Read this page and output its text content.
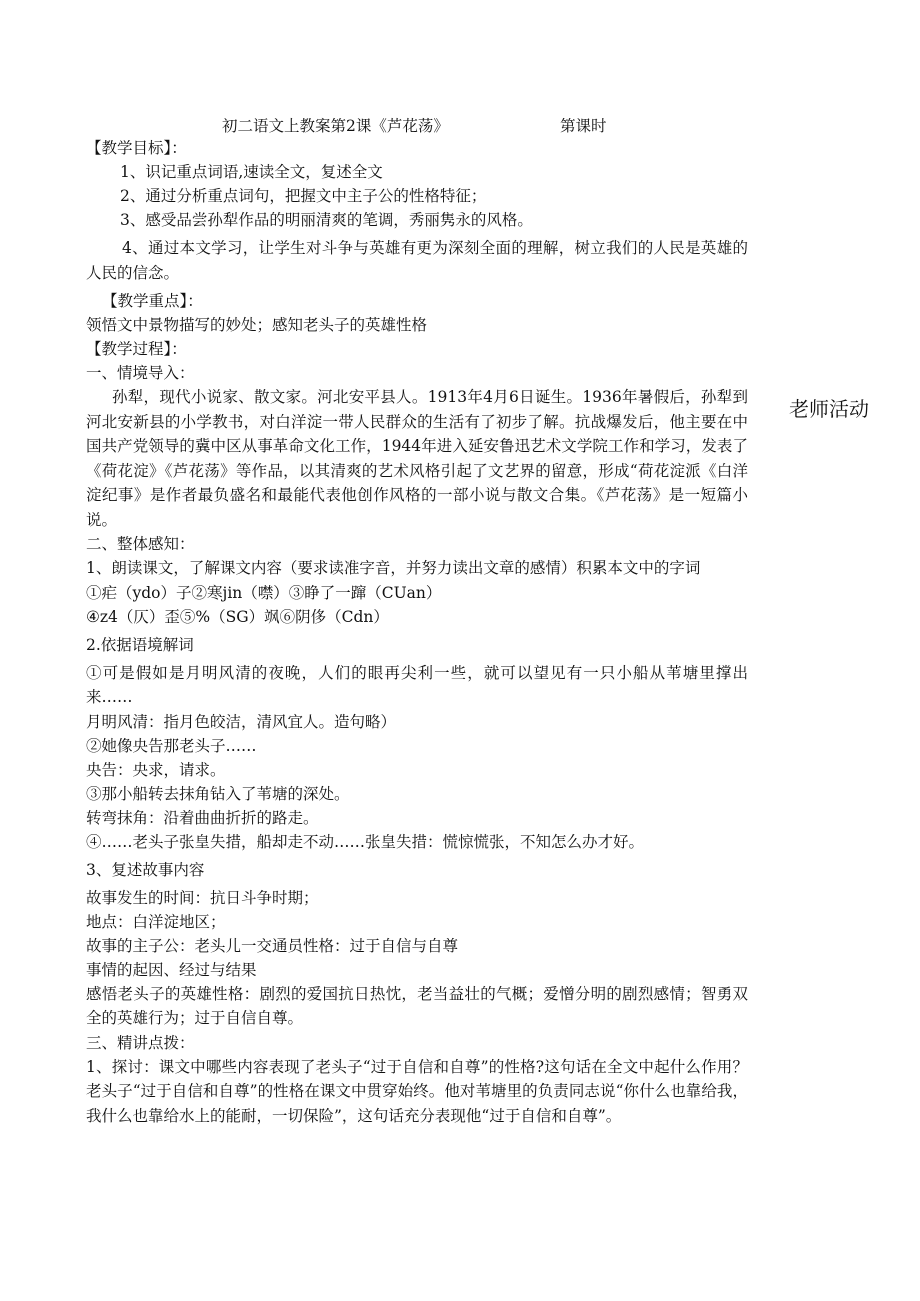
初二语文上教案第2课《芦花荡》	第课时
老师活动

【教学目标】：

1、识记重点词语,速读全文，复述全文

2、通过分析重点词句，把握文中主子公的性格特征；

3、感受品尝孙犁作品的明丽清爽的笔调，秀丽隽永的风格。

4、通过本文学习，让学生对斗争与英雄有更为深刻全面的理解，树立我们的人民是英雄的人民的信念。

【教学重点】：

领悟文中景物描写的妙处；感知老头子的英雄性格

【教学过程】：

一、情境导入：

孙犁，现代小说家、散文家。河北安平县人。1913年4月6日诞生。1936年暑假后，孙犁到河北安新县的小学教书，对白洋淀一带人民群众的生活有了初步了解。抗战爆发后，他主要在中国共产党领导的冀中区从事革命文化工作，1944年进入延安鲁迅艺术文学院工作和学习，发表了《荷花淀》《芦花荡》等作品，以其清爽的艺术风格引起了文艺界的留意，形成“荷花淀派《白洋淀纪事》是作者最负盛名和最能代表他创作风格的一部小说与散文合集。《芦花荡》是一短篇小说。

二、整体感知：

1、朗读课文，了解课文内容（要求读准字音，并努力读出文章的感情）积累本文中的字词

①疟（ydo）子②寒jin（噤）③睁了一蹿（CUan）

④z4（仄）歪⑤%（SG）飒⑥阴侈（Cdn）

2.依据语境解词

①可是假如是月明风清的夜晚，人们的眼再尖利一些，就可以望见有一只小船从苇塘里撑出来……

月明风清：指月色皎洁，清风宜人。造句略）

②她像央告那老头子……

央告：央求，请求。

③那小船转去抹角钻入了苇塘的深处。

转弯抹角：沿着曲曲折折的路走。

④……老头子张皇失措，船却走不动……张皇失措：慌惊慌张，不知怎么办才好。

3、复述故事内容

故事发生的时间：抗日斗争时期；

地点：白洋淀地区；

故事的主子公：老头儿一交通员性格：过于自信与自尊

事情的起因、经过与结果

感悟老头子的英雄性格：剧烈的爱国抗日热忱，老当益壮的气概；爱憎分明的剧烈感情；智勇双全的英雄行为；过于自信自尊。

三、精讲点拨：

1、探讨：课文中哪些内容表现了老头子“过于自信和自尊”的性格?这句话在全文中起什么作用？老头子“过于自信和自尊”的性格在课文中贯穿始终。他对苇塘里的负责同志说“你什么也靠给我，我什么也靠给水上的能耐，一切保险”，这句话充分表现他“过于自信和自尊”。
